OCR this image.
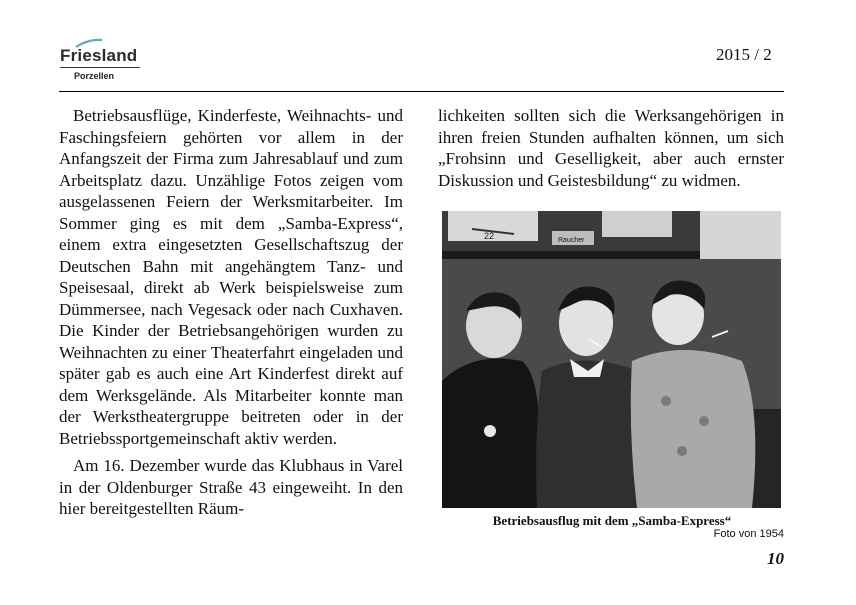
Friesland
Porzellen
2015 / 2

Betriebsausflüge, Kinderfeste, Weihnachts- und Faschingsfeiern gehörten vor allem in der Anfangszeit der Firma zum Jahresablauf und zum Arbeitsplatz dazu. Unzählige Fotos zeigen vom ausgelassenen Feiern der Werksmitarbeiter. Im Sommer ging es mit dem „Samba-Express“, einem extra eingesetzten Gesellschaftszug der Deutschen Bahn mit angehängtem Tanz- und Speisesaal, direkt ab Werk beispielsweise zum Dümmersee, nach Vegesack oder nach Cuxhaven. Die Kinder der Betriebsangehörigen wurden zu Weihnachten zu einer Theaterfahrt eingeladen und später gab es auch eine Art Kinderfest direkt auf dem Werksgelände. Als Mitarbeiter konnte man der Werkstheatergruppe beitreten oder in der Betriebssportgemeinschaft aktiv werden.

Am 16. Dezember wurde das Klubhaus in Varel in der Oldenburger Straße 43 eingeweiht. In den hier bereitgestellten Räum-

lichkeiten sollten sich die Werksangehörigen in ihren freien Stunden aufhalten können, um sich „Frohsinn und Geselligkeit, aber auch ernster Diskussion und Geistesbildung“ zu widmen.

22	Raucher
Betriebsausflug mit dem „Samba-Express“
Foto von 1954
10
